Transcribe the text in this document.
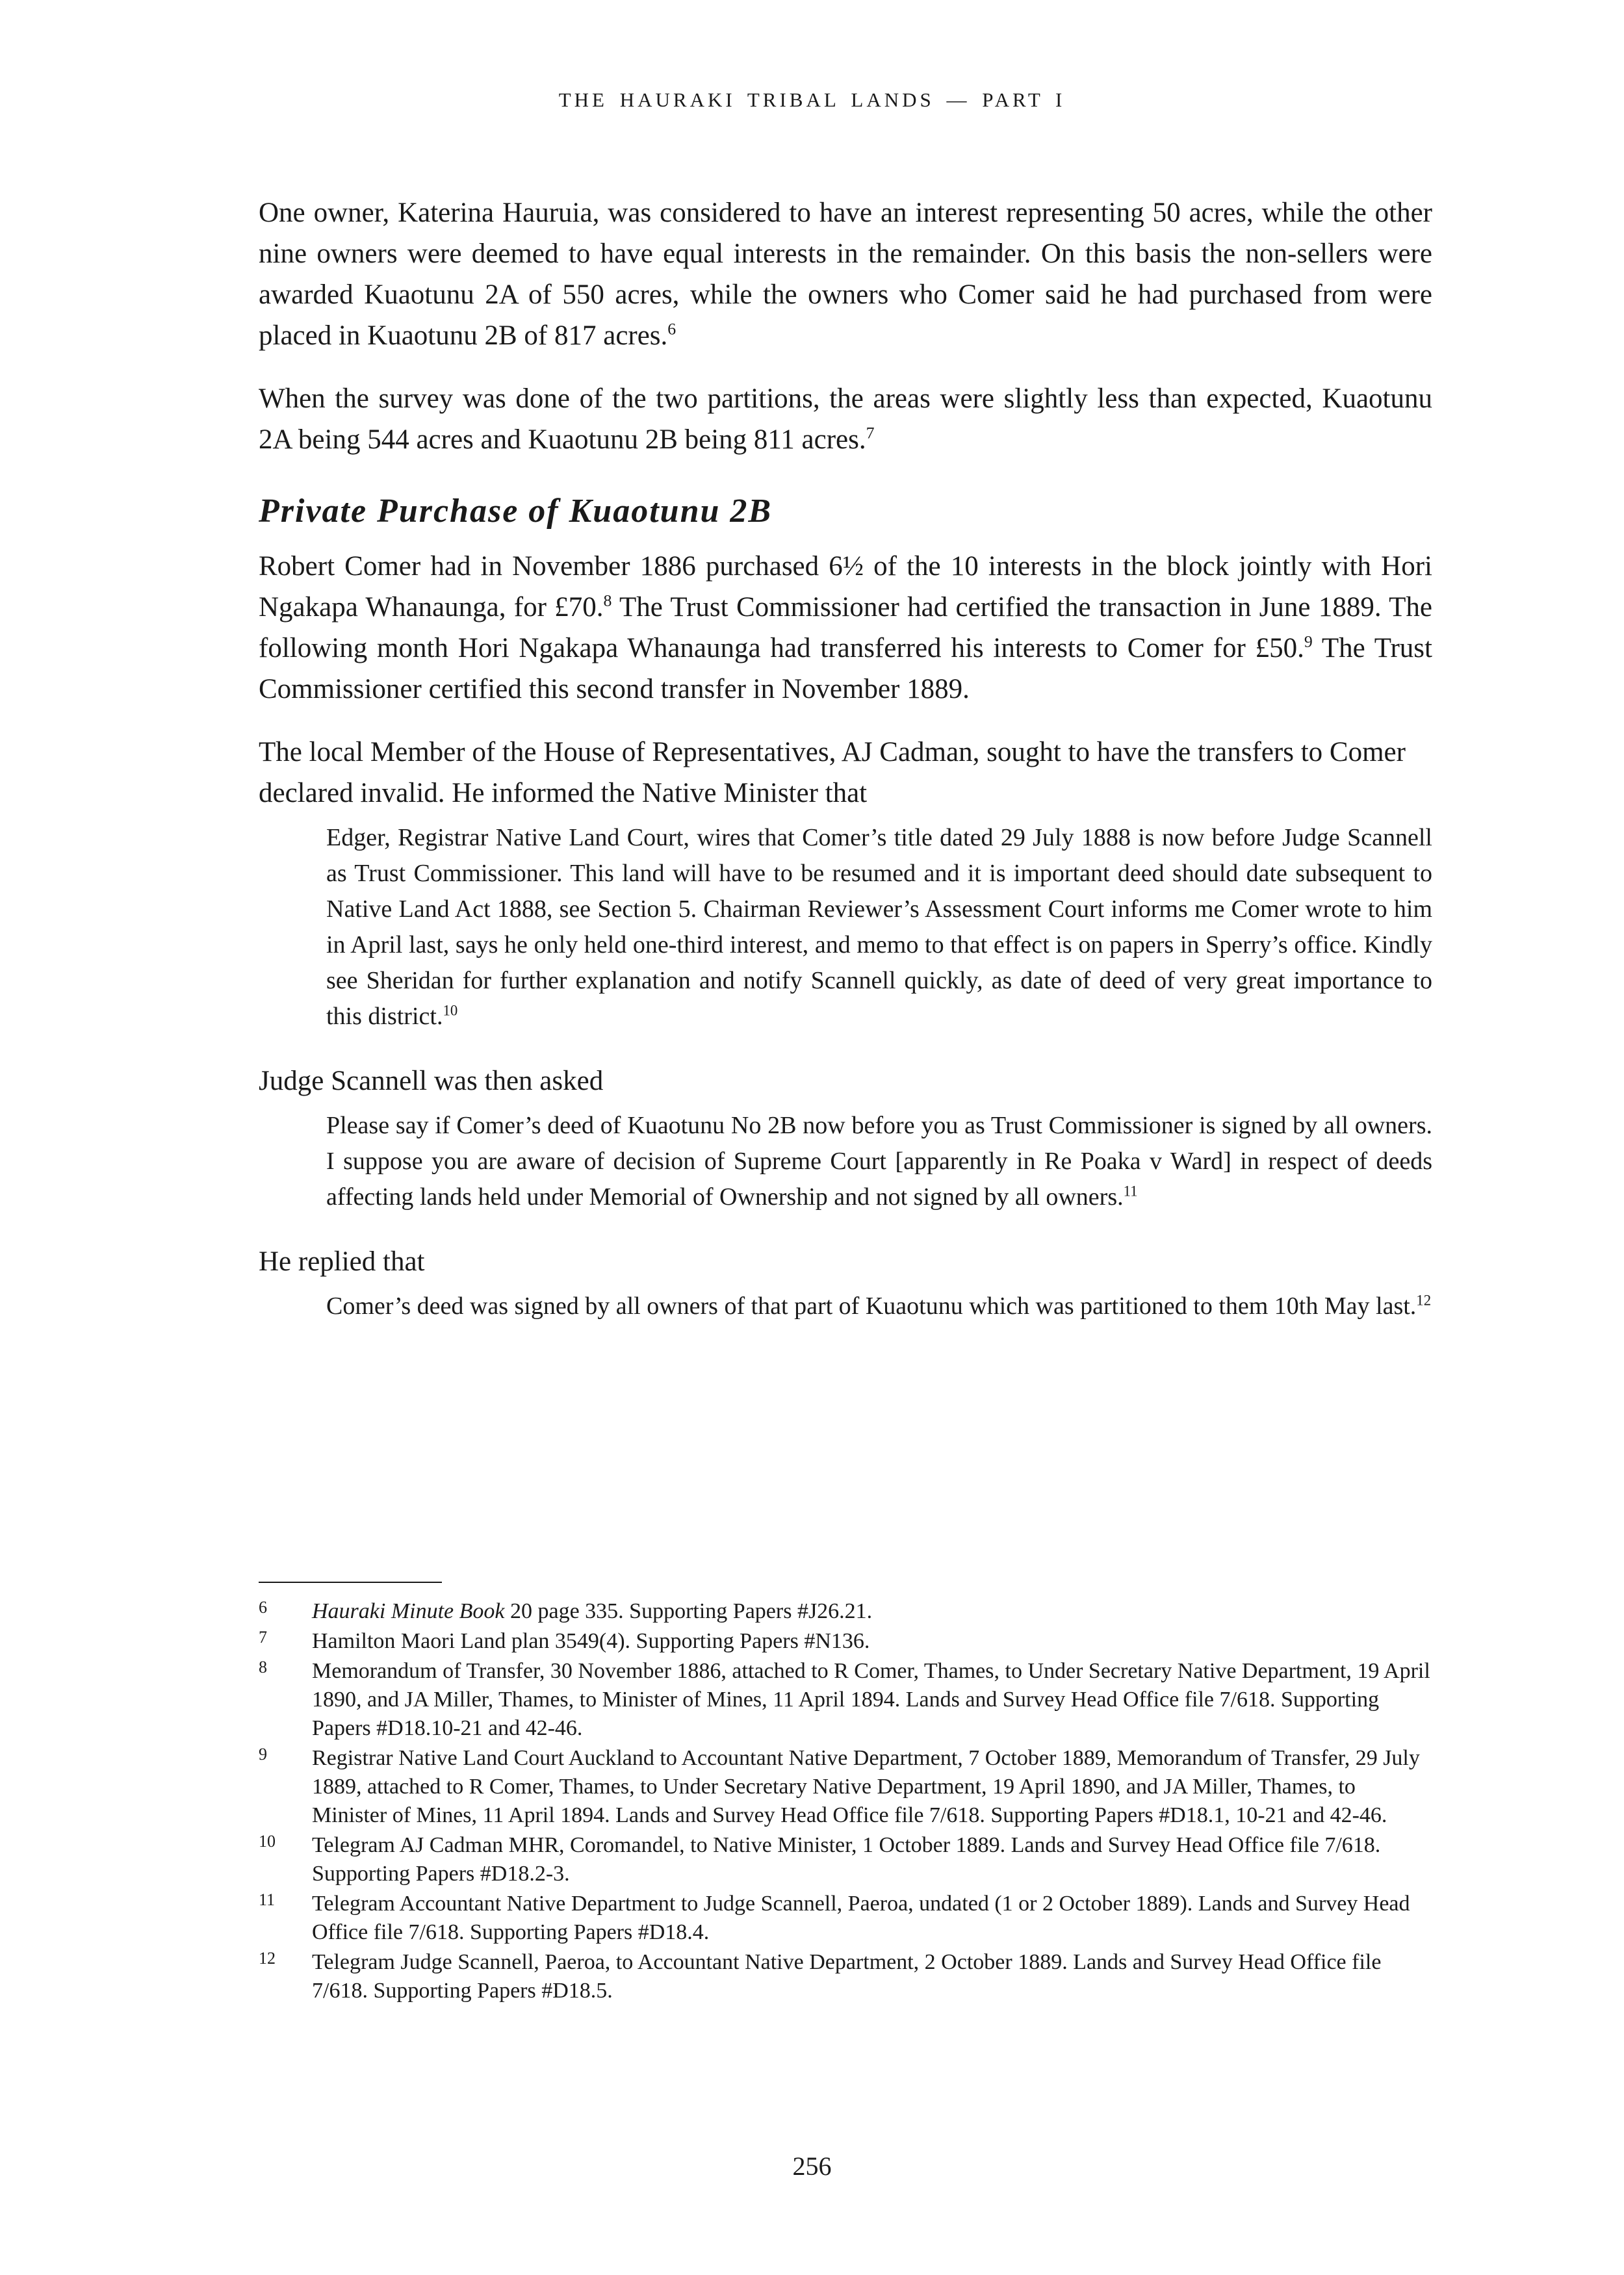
THE HAURAKI TRIBAL LANDS — PART I

One owner, Katerina Hauruia, was considered to have an interest representing 50 acres, while the other nine owners were deemed to have equal interests in the remainder. On this basis the non-sellers were awarded Kuaotunu 2A of 550 acres, while the owners who Comer said he had purchased from were placed in Kuaotunu 2B of 817 acres.$^6$

When the survey was done of the two partitions, the areas were slightly less than expected, Kuaotunu 2A being 544 acres and Kuaotunu 2B being 811 acres.$^7$

Private Purchase of Kuaotunu 2B

Robert Comer had in November 1886 purchased 6½ of the 10 interests in the block jointly with Hori Ngakapa Whanaunga, for £70.$^8$ The Trust Commissioner had certified the transaction in June 1889. The following month Hori Ngakapa Whanaunga had transferred his interests to Comer for £50.$^9$ The Trust Commissioner certified this second transfer in November 1889.

The local Member of the House of Representatives, AJ Cadman, sought to have the transfers to Comer declared invalid. He informed the Native Minister that

Edger, Registrar Native Land Court, wires that Comer’s title dated 29 July 1888 is now before Judge Scannell as Trust Commissioner. This land will have to be resumed and it is important deed should date subsequent to Native Land Act 1888, see Section 5. Chairman Reviewer’s Assessment Court informs me Comer wrote to him in April last, says he only held one-third interest, and memo to that effect is on papers in Sperry’s office. Kindly see Sheridan for further explanation and notify Scannell quickly, as date of deed of very great importance to this district.$^{10}$

Judge Scannell was then asked

Please say if Comer’s deed of Kuaotunu No 2B now before you as Trust Commissioner is signed by all owners. I suppose you are aware of decision of Supreme Court [apparently in Re Poaka v Ward] in respect of deeds affecting lands held under Memorial of Ownership and not signed by all owners.$^{11}$

He replied that

Comer’s deed was signed by all owners of that part of Kuaotunu which was partitioned to them 10th May last.$^{12}$
6 Hauraki Minute Book 20 page 335. Supporting Papers #J26.21.
7 Hamilton Maori Land plan 3549(4). Supporting Papers #N136.
8 Memorandum of Transfer, 30 November 1886, attached to R Comer, Thames, to Under Secretary Native Department, 19 April 1890, and JA Miller, Thames, to Minister of Mines, 11 April 1894. Lands and Survey Head Office file 7/618. Supporting Papers #D18.10-21 and 42-46.
9 Registrar Native Land Court Auckland to Accountant Native Department, 7 October 1889, Memorandum of Transfer, 29 July 1889, attached to R Comer, Thames, to Under Secretary Native Department, 19 April 1890, and JA Miller, Thames, to Minister of Mines, 11 April 1894. Lands and Survey Head Office file 7/618. Supporting Papers #D18.1, 10-21 and 42-46.
10 Telegram AJ Cadman MHR, Coromandel, to Native Minister, 1 October 1889. Lands and Survey Head Office file 7/618. Supporting Papers #D18.2-3.
11 Telegram Accountant Native Department to Judge Scannell, Paeroa, undated (1 or 2 October 1889). Lands and Survey Head Office file 7/618. Supporting Papers #D18.4.
12 Telegram Judge Scannell, Paeroa, to Accountant Native Department, 2 October 1889. Lands and Survey Head Office file 7/618. Supporting Papers #D18.5.
256
